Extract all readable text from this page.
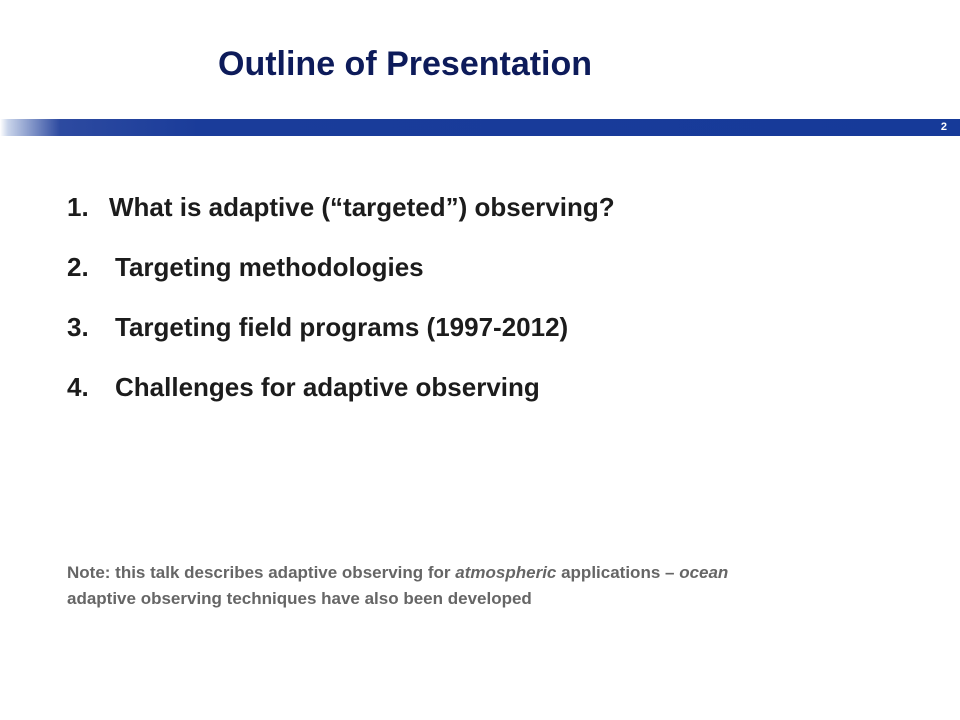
Outline of Presentation
2
1. What is adaptive (“targeted”) observing?
2.	Targeting methodologies
3.	Targeting field programs (1997-2012)
4.	Challenges for adaptive observing
Note: this talk describes adaptive observing for atmospheric applications – ocean adaptive observing techniques have also been developed
